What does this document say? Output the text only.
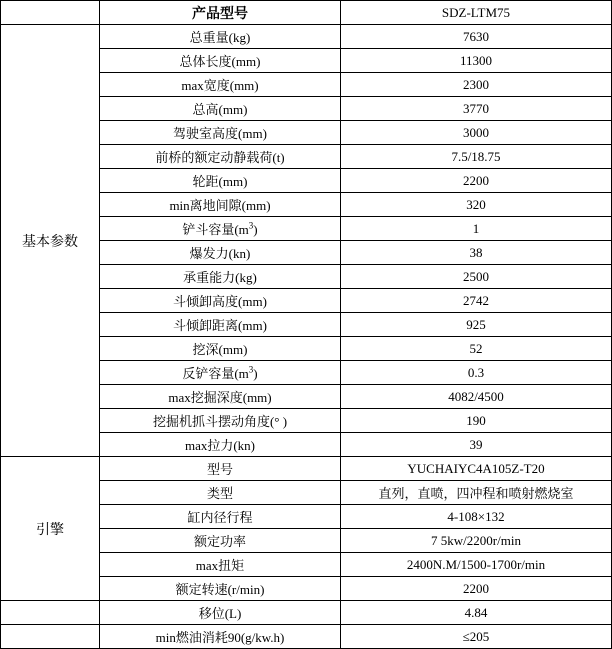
	产品型号	SDZ-LTM75
基本参数	总重量(kg)	7630
	总体长度(mm)	11300
	max宽度(mm)	2300
	总高(mm)	3770
	驾驶室高度(mm)	3000
	前桥的额定动静载荷(t)	7.5/18.75
	轮距(mm)	2200
	min离地间隙(mm)	320
	铲斗容量$(m^3)$	1
	爆发力(kn)	38
	承重能力(kg)	2500
	斗倾卸高度(mm)	2742
	斗倾卸距离(mm)	925
	挖深(mm)	52
	反铲容量$(m^3)$	0.3
	max挖掘深度(mm)	4082/4500
	挖掘机抓斗摆动角度(° )	190
	max拉力(kn)	39
引擎	型号	YUCHAIYC4A105Z-T20
	类型	直列，直喷，四冲程和喷射燃烧室
	缸内径行程	4-108×132
	额定功率	7 5kw/2200r/min
	max扭矩	2400N.M/1500-1700r/min
	额定转速(r/min)	2200
	移位(L)	4.84
	min燃油消耗90(g/kw.h)	≤205
